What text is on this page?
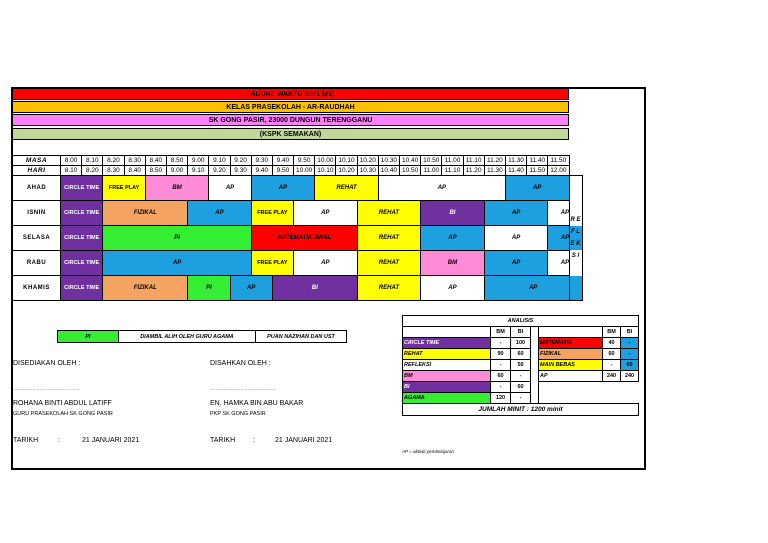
JADUAL WAKTU 2021 (#1)
KELAS PRASEKOLAH - AR-RAUDHAH
SK GONG PASIR, 23000 DUNGUN TERENGGANU
(KSPK SEMAKAN)
MASA	8.00	8.10	8.20	8.30	8.40	8.50	9.00	9.10	9.20	9.30	9.40	9.50	10.00	10.10	10.20	10.30	10.40	10.50	11.00	11.10	11.20	11.30	11.40	11.50	
HARI	8.10	8.20	8.30	8.40	8.50	9.00	9.10	9.20	9.30	9.40	9.50	10.00	10.10	10.20	10.30	10.40	10.50	11.00	11.10	11.20	11.30	11.40	11.50	12.00	
AHAD	CIRCLE TIME		FREE PLAY		BM			AP		AP			REHAT			AP						AP			R E F L E K S I
ISNIN	CIRCLE TIME		FIZIKAL				AP			FREE PLAY		AP			REHAT			BI			AP			AP	
SELASA	CIRCLE TIME		PI							MATEMATIK AWAL					REHAT			AP			AP			AP	
RABU	CIRCLE TIME		AP							FREE PLAY		AP			REHAT			BM			AP			AP	
KHAMIS	CIRCLE TIME		FIZIKAL				PI		AP		BI				REHAT			AP			AP				
PI	DIAMBIL ALIH OLEH GURU AGAMA	PUAN NAZIHAN DAN UST
DISEDIAKAN OLEH :
................................................
ROHANA BINTI ABDUL LATIFF
GURU PRASEKOLAH SK GONG PASIR
TARIKH	:	21 JANUARI 2021
DISAHKAN OLEH :
................................................
EN. HAMKA BIN ABU BAKAR
PKP SK GONG PASIR
TARIKH	:	21 JANUARI 2021
ANALISIS						
	BM	BI			BM	BI
CIRCLE TIME	-	100		MATEMATIK	40	-
REHAT	90	60		FIZIKAL	60	-
REFLEKSI	-	50		MAIN BEBAS	-	60
BM	60	-		AP	240	240
BI	-	60				
AGAMA	120	-				
JUMLAH MINIT : 1200 minit						
AP = aktiviti pembelajaran
